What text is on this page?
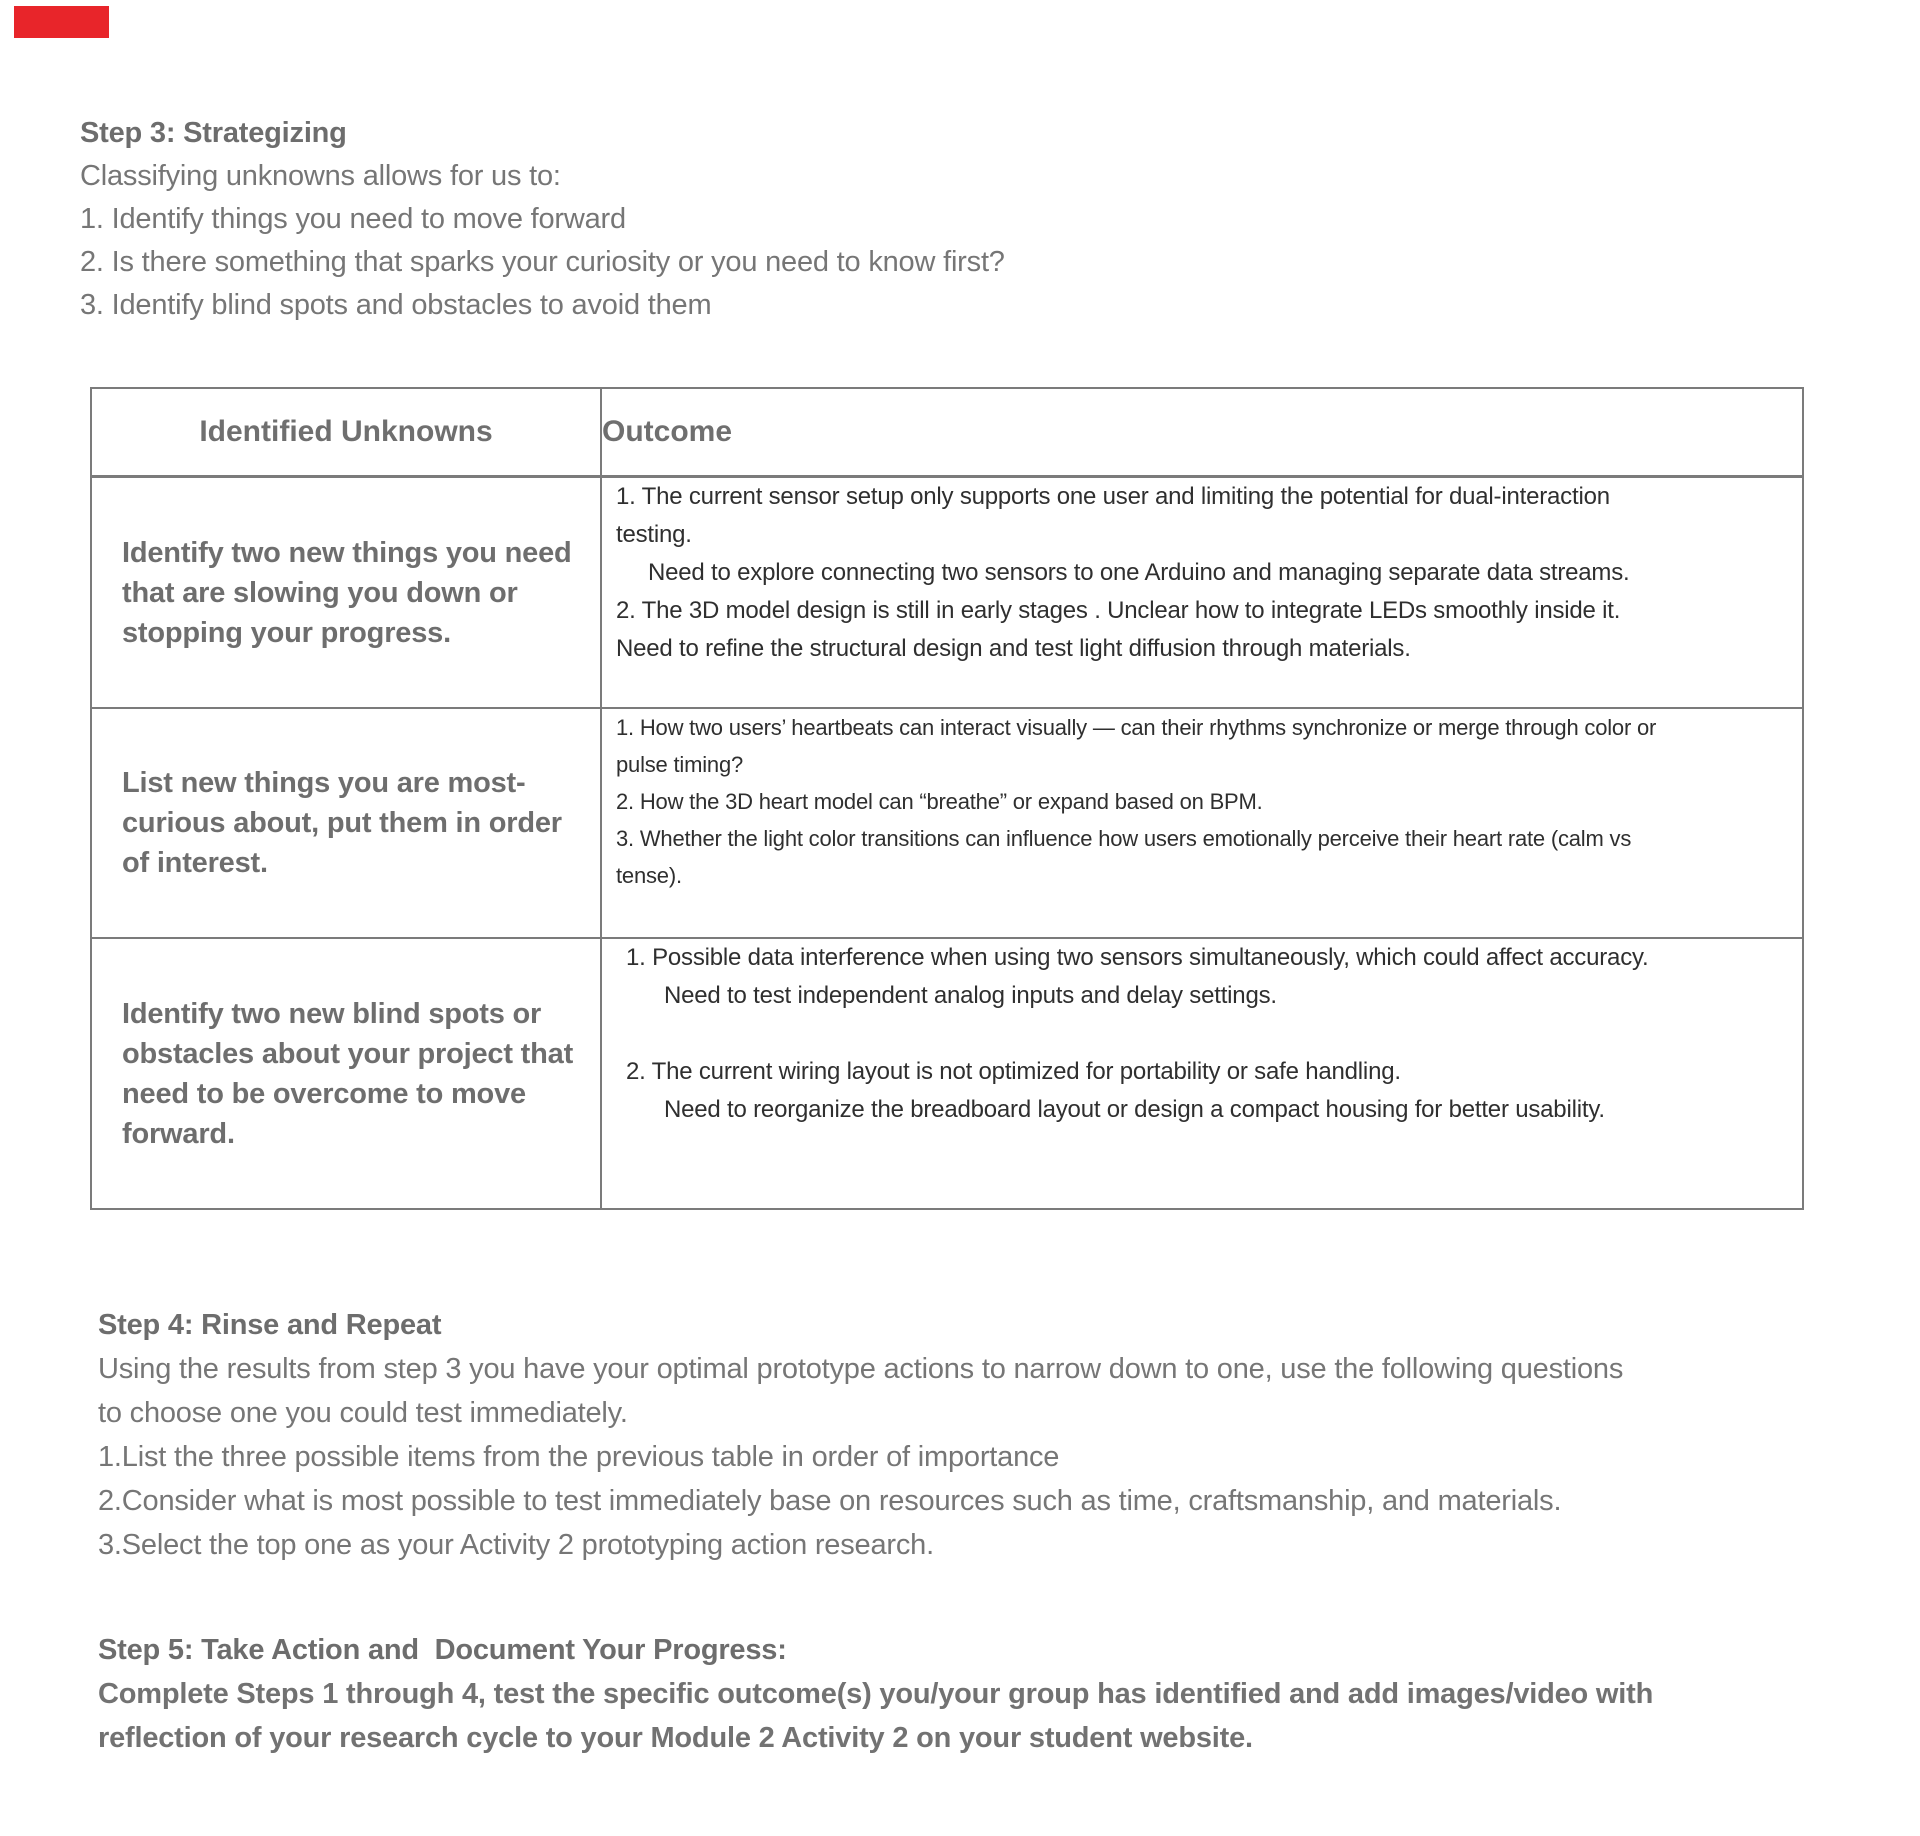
Step 3: Strategizing
Classifying unknowns allows for us to:
1. Identify things you need to move forward
2. Is there something that sparks your curiosity or you need to know first?
3. Identify blind spots and obstacles to avoid them
Identified Unknowns	Outcome
Identify two new things you need that are slowing you down or stopping your progress.	1. The current sensor setup only supports one user and limiting the potential for dual-interaction
testing.
Need to explore connecting two sensors to one Arduino and managing separate data streams.
2. The 3D model design is still in early stages . Unclear how to integrate LEDs smoothly inside it.
Need to refine the structural design and test light diffusion through materials.

List new things you are most-curious about, put them in order of interest.	1. How two users’ heartbeats can interact visually — can their rhythms synchronize or merge through color or
pulse timing?
2. How the 3D heart model can “breathe” or expand based on BPM.
3. Whether the light color transitions can influence how users emotionally perceive their heart rate (calm vs
tense).

Identify two new blind spots or obstacles about your project that need to be overcome to move forward.	1. Possible data interference when using two sensors simultaneously, which could affect accuracy.
Need to test independent analog inputs and delay settings.
2. The current wiring layout is not optimized for portability or safe handling.
Need to reorganize the breadboard layout or design a compact housing for better usability.
Step 4: Rinse and Repeat
Using the results from step 3 you have your optimal prototype actions to narrow down to one, use the following questions
to choose one you could test immediately.
1.List the three possible items from the previous table in order of importance
2.Consider what is most possible to test immediately base on resources such as time, craftsmanship, and materials.
3.Select the top one as your Activity 2 prototyping action research.
Step 5: Take Action and  Document Your Progress:
Complete Steps 1 through 4, test the specific outcome(s) you/your group has identified and add images/video with
reflection of your research cycle to your Module 2 Activity 2 on your student website.
